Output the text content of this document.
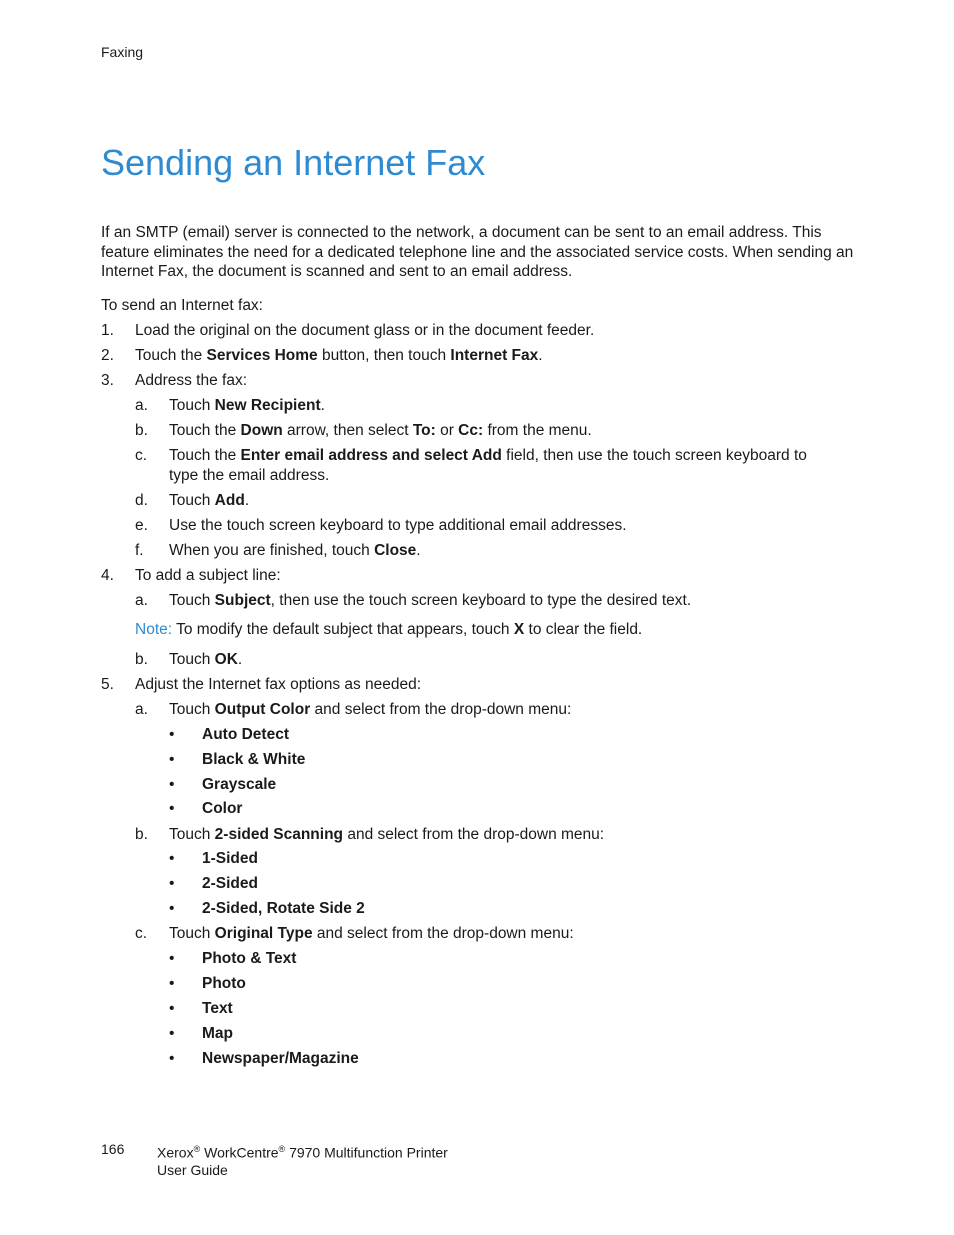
Faxing
Sending an Internet Fax

If an SMTP (email) server is connected to the network, a document can be sent to an email address. This feature eliminates the need for a dedicated telephone line and the associated service costs. When sending an Internet Fax, the document is scanned and sent to an email address.

To send an Internet fax:
1. Load the original on the document glass or in the document feeder.
2. Touch the Services Home button, then touch Internet Fax.
3. Address the fax:
a. Touch New Recipient.
b. Touch the Down arrow, then select To: or Cc: from the menu.
c. Touch the Enter email address and select Add field, then use the touch screen keyboard to
type the email address.
d. Touch Add.
e. Use the touch screen keyboard to type additional email addresses.
f. When you are finished, touch Close.
4. To add a subject line:
a. Touch Subject, then use the touch screen keyboard to type the desired text.
Note: To modify the default subject that appears, touch X to clear the field.
b. Touch OK.
5. Adjust the Internet fax options as needed:
a. Touch Output Color and select from the drop-down menu:
• Auto Detect
• Black & White
• Grayscale
• Color
b. Touch 2-sided Scanning and select from the drop-down menu:
• 1-Sided
• 2-Sided
• 2-Sided, Rotate Side 2
c. Touch Original Type and select from the drop-down menu:
• Photo & Text
• Photo
• Text
• Map
• Newspaper/Magazine
166 Xerox® WorkCentre® 7970 Multifunction Printer
User Guide
